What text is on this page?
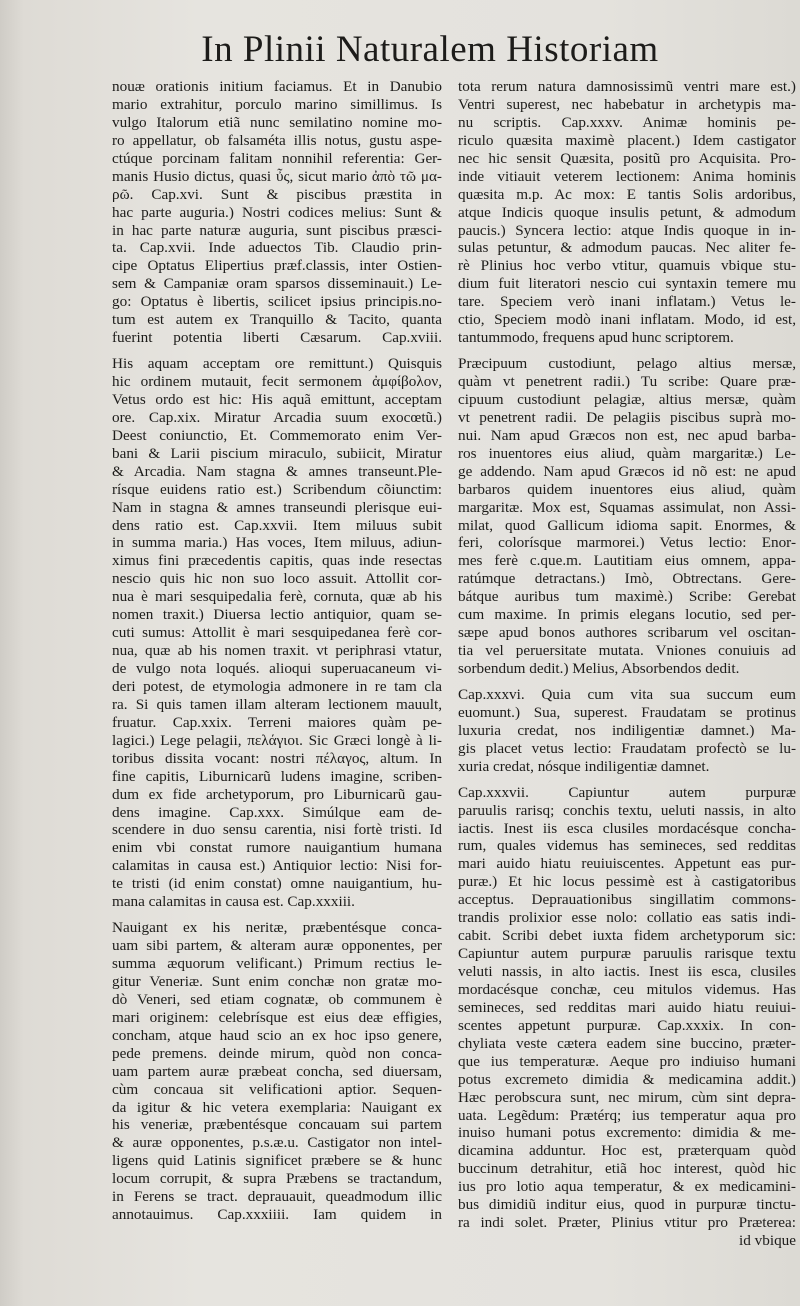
In Plinii Naturalem Historiam
nouæ orationis initium faciamus. Et in Danubio
mario extrahitur, porculo marino simillimus. Is
vulgo Italorum etiã nunc semilatino nomine mo-
ro appellatur, ob falsaméta illis notus, gustu aspe-
ctúque porcinam falitam nonnihil referentia: Ger-
manis Husio dictus, quasi ὖς, sicut mario ἀπὸ τῶ μα-
ρῶ. Cap.xvi. Sunt & piscibus præstita in
hac parte auguria.) Nostri codices melius: Sunt &
in hac parte naturæ auguria, sunt piscibus præsci-
ta. Cap.xvii. Inde aduectos Tib. Claudio prin-
cipe Optatus Elipertius præf.classis, inter Ostien-
sem & Campaniæ oram sparsos disseminauit.) Le-
go: Optatus è libertis, scilicet ipsius principis.no-
tum est autem ex Tranquillo & Tacito, quanta
fuerint potentia liberti Cæsarum. Cap.xviii.
His aquam acceptam ore remittunt.) Quisquis
hic ordinem mutauit, fecit sermonem ἀμφίβολον,
Vetus ordo est hic: His aquã emittunt, acceptam
ore. Cap.xix. Miratur Arcadia suum exocœtũ.)
Deest coniunctio, Et. Commemorato enim Ver-
bani & Larii piscium miraculo, subiicit, Miratur
& Arcadia. Nam stagna & amnes transeunt.Ple-
rísque euidens ratio est.) Scribendum cõiunctim:
Nam in stagna & amnes transeundi plerisque eui-
dens ratio est. Cap.xxvii. Item miluus subit
in summa maria.) Has voces, Item miluus, adiun-
ximus fini præcedentis capitis, quas inde resectas
nescio quis hic non suo loco assuit. Attollit cor-
nua è mari sesquipedalia ferè, cornuta, quæ ab his
nomen traxit.) Diuersa lectio antiquior, quam se-
cuti sumus: Attollit è mari sesquipedanea ferè cor-
nua, quæ ab his nomen traxit. vt periphrasi vtatur,
de vulgo nota loqués. alioqui superuacaneum vi-
deri potest, de etymologia admonere in re tam cla
ra. Si quis tamen illam alteram lectionem mauult,
fruatur. Cap.xxix. Terreni maiores quàm pe-
lagici.) Lege pelagii, πελάγιοι. Sic Græci longè à li-
toribus dissita vocant: nostri πέλαγος, altum. In
fine capitis, Liburnicarũ ludens imagine, scriben-
dum ex fide archetyporum, pro Liburnicarũ gau-
dens imagine. Cap.xxx. Simúlque eam de-
scendere in duo sensu carentia, nisi fortè tristi. Id
enim vbi constat rumore nauigantium humana
calamitas in causa est.) Antiquior lectio: Nisi for-
te tristi (id enim constat) omne nauigantium, hu-
mana calamitas in causa est. Cap.xxxiii.
Nauigant ex his neritæ, præbentésque conca-
uam sibi partem, & alteram auræ opponentes, per
summa æquorum velificant.) Primum rectius le-
gitur Veneriæ. Sunt enim conchæ non gratæ mo-
dò Veneri, sed etiam cognatæ, ob communem è
mari originem: celebrísque est eius deæ effigies,
concham, atque haud scio an ex hoc ipso genere,
pede premens. deinde mirum, quòd non conca-
uam partem auræ præbeat concha, sed diuersam,
cùm concaua sit velificationi aptior. Sequen-
da igitur & hic vetera exemplaria: Nauigant ex
his veneriæ, præbentésque concauam sui partem
& auræ opponentes, p.s.æ.u. Castigator non intel-
ligens quid Latinis significet præbere se & hunc
locum corrupit, & supra Præbens se tractandum,
in Ferens se tract. deprauauit, queadmodum illic
annotauimus. Cap.xxxiiii. Iam quidem in
tota rerum natura damnosissimũ ventri mare est.)
Ventri superest, nec habebatur in archetypis ma-
nu scriptis. Cap.xxxv. Animæ hominis pe-
riculo quæsita maximè placent.) Idem castigator
nec hic sensit Quæsita, positũ pro Acquisita. Pro-
inde vitiauit veterem lectionem: Anima hominis
quæsita m.p. Ac mox: E tantis Solis ardoribus,
atque Indicis quoque insulis petunt, & admodum
paucis.) Syncera lectio: atque Indis quoque in in-
sulas petuntur, & admodum paucas. Nec aliter fe-
rè Plinius hoc verbo vtitur, quamuis vbique stu-
dium fuit literatori nescio cui syntaxin temere mu
tare. Speciem verò inani inflatam.) Vetus le-
ctio, Speciem modò inani inflatam. Modo, id est,
tantummodo, frequens apud hunc scriptorem.
Præcipuum custodiunt, pelago altius mersæ,
quàm vt penetrent radii.) Tu scribe: Quare præ-
cipuum custodiunt pelagiæ, altius mersæ, quàm
vt penetrent radii. De pelagiis piscibus suprà mo-
nui. Nam apud Græcos non est, nec apud barba-
ros inuentores eius aliud, quàm margaritæ.) Le-
ge addendo. Nam apud Græcos id nõ est: ne apud
barbaros quidem inuentores eius aliud, quàm
margaritæ. Mox est, Squamas assimulat, non Assi-
milat, quod Gallicum idioma sapit. Enormes, &
feri, colorísque marmorei.) Vetus lectio: Enor-
mes ferè c.que.m. Lautitiam eius omnem, appa-
ratúmque detractans.) Imò, Obtrectans. Gere-
bátque auribus tum maximè.) Scribe: Gerebat
cum maxime. In primis elegans locutio, sed per-
sæpe apud bonos authores scribarum vel oscitan-
tia vel peruersitate mutata. Vniones conuiuis ad
sorbendum dedit.) Melius, Absorbendos dedit.
Cap.xxxvi. Quia cum vita sua succum eum
euomunt.) Sua, superest. Fraudatam se protinus
luxuria credat, nos indiligentiæ damnet.) Ma-
gis placet vetus lectio: Fraudatam profectò se lu-
xuria credat, nósque indiligentiæ damnet.
Cap.xxxvii. Capiuntur autem purpuræ
paruulis rarisq; conchis textu, ueluti nassis, in alto
iactis. Inest iis esca clusiles mordacésque concha-
rum, quales videmus has semineces, sed redditas
mari auido hiatu reuiuiscentes. Appetunt eas pur-
puræ.) Et hic locus pessimè est à castigatoribus
acceptus. Deprauationibus singillatim commons-
trandis prolixior esse nolo: collatio eas satis indi-
cabit. Scribi debet iuxta fidem archetyporum sic:
Capiuntur autem purpuræ paruulis rarisque textu
veluti nassis, in alto iactis. Inest iis esca, clusiles
mordacésque conchæ, ceu mitulos videmus. Has
semineces, sed redditas mari auido hiatu reuiui-
scentes appetunt purpuræ. Cap.xxxix. In con-
chyliata veste cætera eadem sine buccino, præter-
que ius temperaturæ. Aeque pro indiuiso humani
potus excremeto dimidia & medicamina addit.)
Hæc perobscura sunt, nec mirum, cùm sint depra-
uata. Legẽdum: Prætérq; ius temperatur aqua pro
inuiso humani potus excremento: dimidia & me-
dicamina adduntur. Hoc est, præterquam quòd
buccinum detrahitur, etiã hoc interest, quòd hic
ius pro lotio aqua temperatur, & ex medicamini-
bus dimidiũ inditur eius, quod in purpuræ tinctu-
ra indi solet. Præter, Plinius vtitur pro Præterea:
id vbique
